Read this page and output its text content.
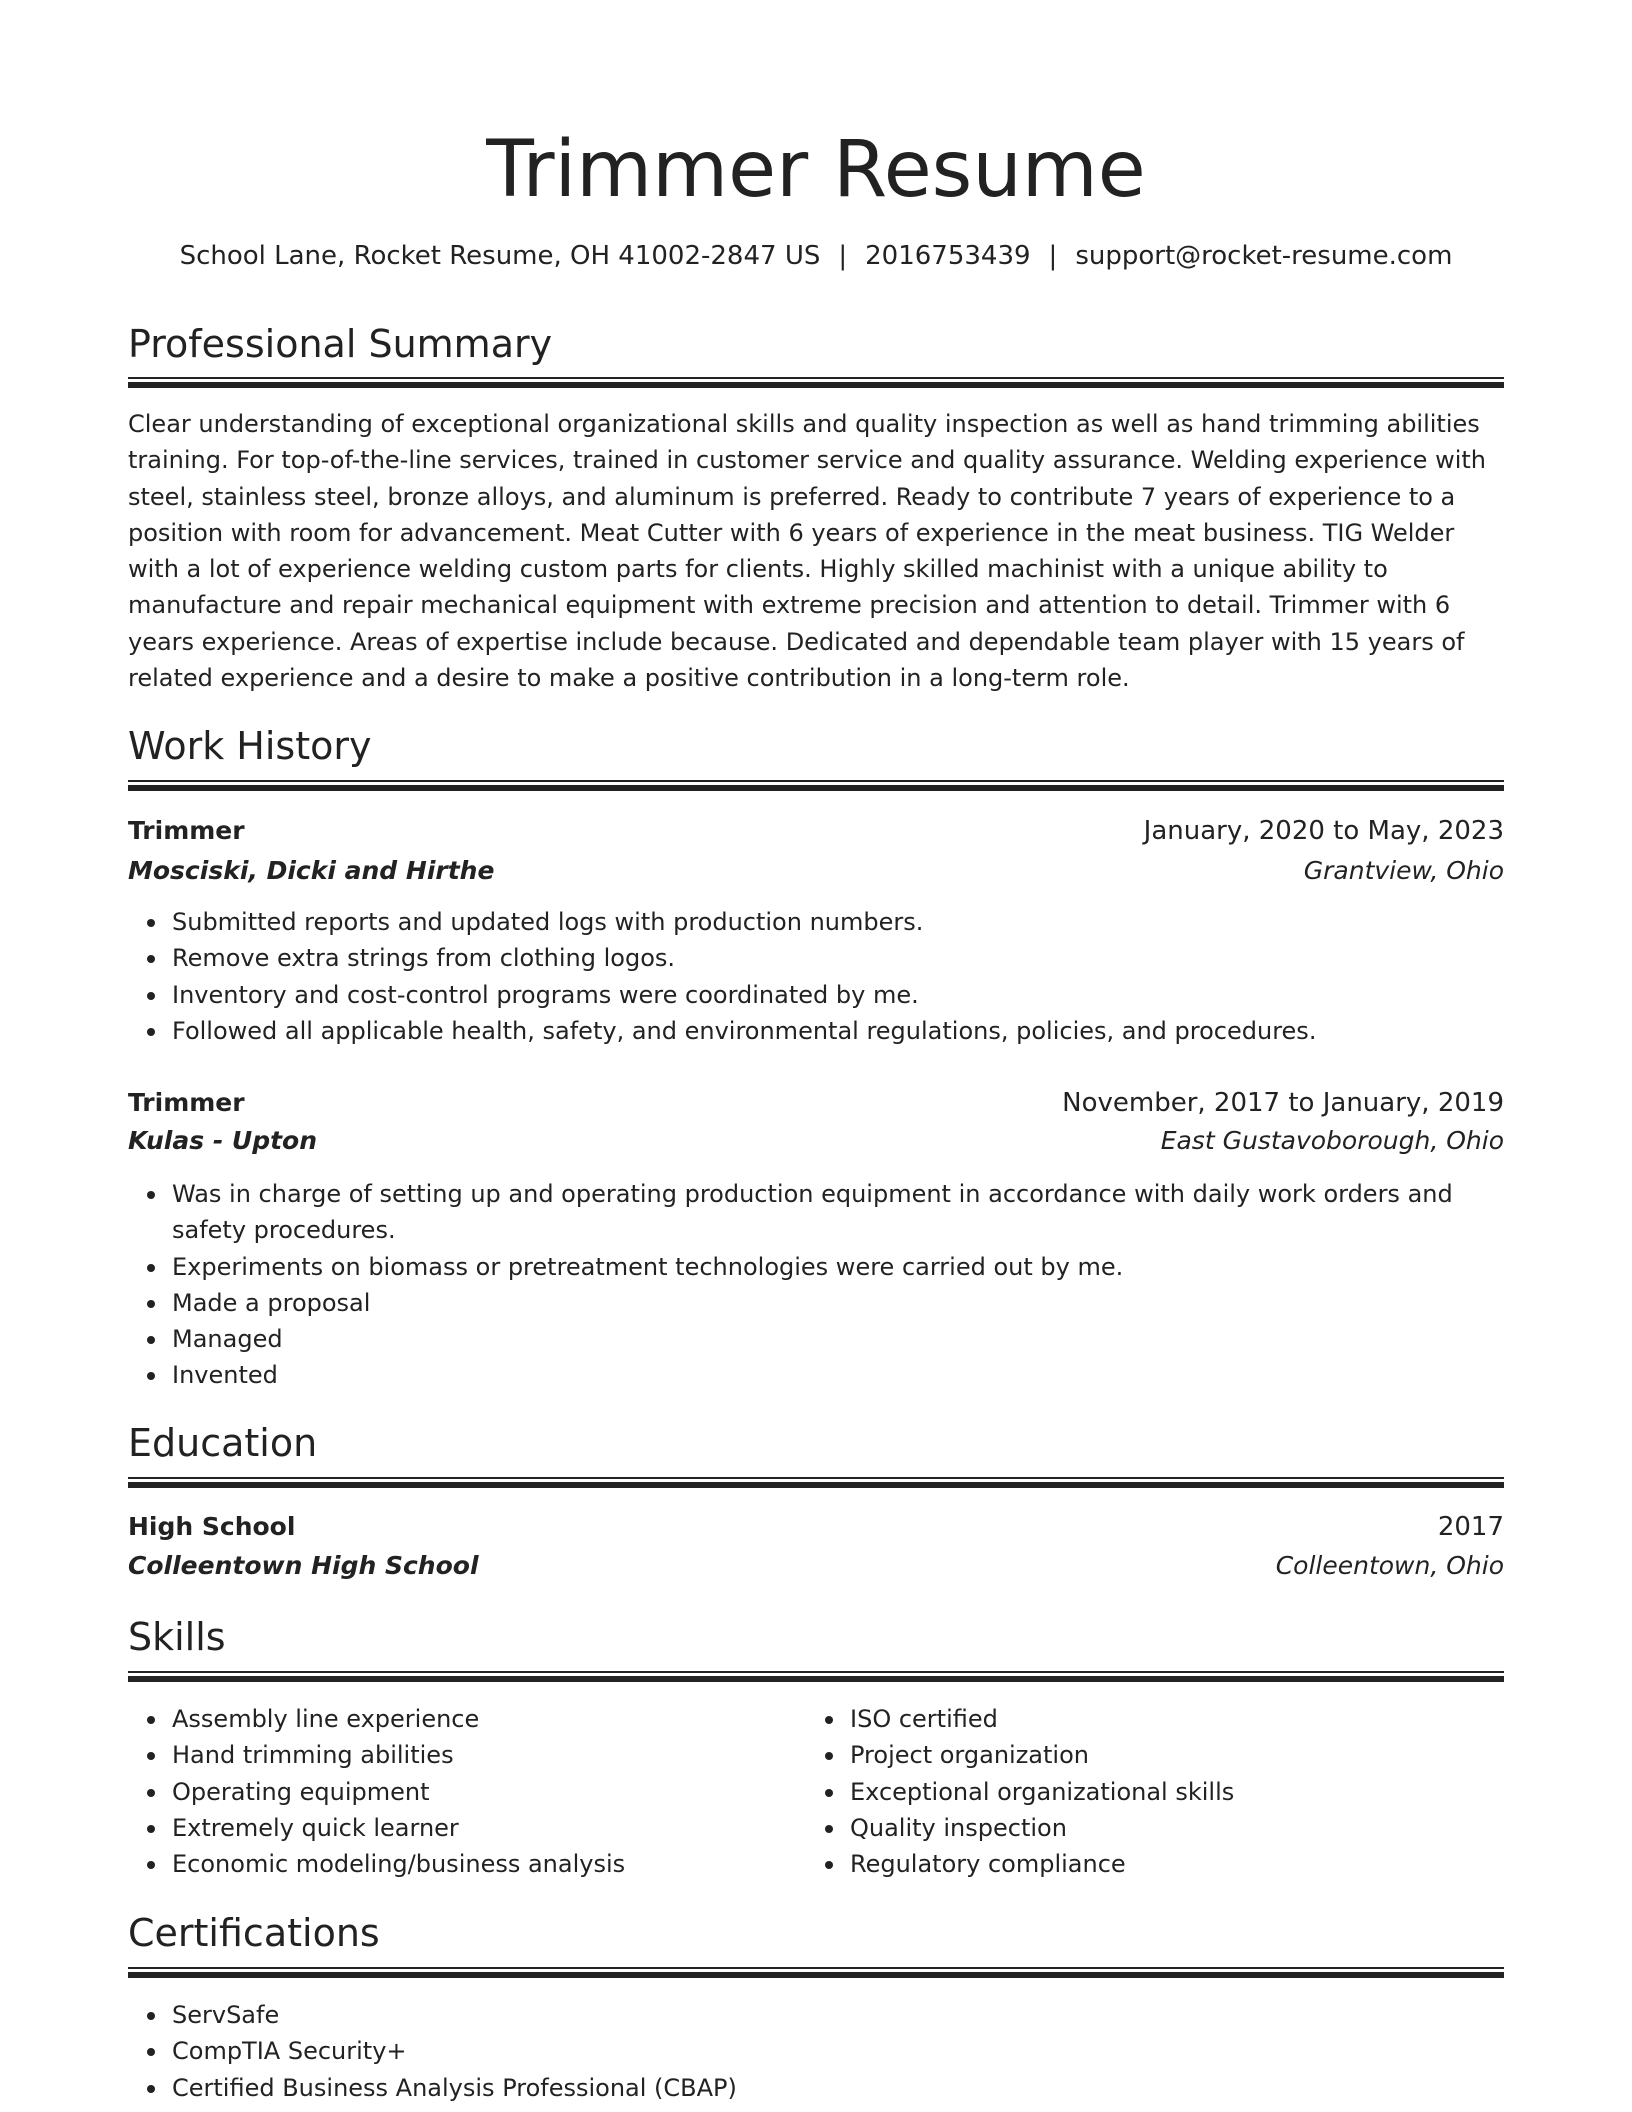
Trimmer Resume
School Lane, Rocket Resume, OH 41002-2847 US | 2016753439 | support@rocket-resume.com
Professional Summary

Clear understanding of exceptional organizational skills and quality inspection as well as hand trimming abilities training. For top-of-the-line services, trained in customer service and quality assurance. Welding experience with steel, stainless steel, bronze alloys, and aluminum is preferred. Ready to contribute 7 years of experience to a position with room for advancement. Meat Cutter with 6 years of experience in the meat business. TIG Welder with a lot of experience welding custom parts for clients. Highly skilled machinist with a unique ability to manufacture and repair mechanical equipment with extreme precision and attention to detail. Trimmer with 6 years experience. Areas of expertise include because. Dedicated and dependable team player with 15 years of related experience and a desire to make a positive contribution in a long-term role.

Work History
Trimmer	January, 2020 to May, 2023
Mosciski, Dicki and Hirthe	Grantview, Ohio
Submitted reports and updated logs with production numbers.
Remove extra strings from clothing logos.
Inventory and cost-control programs were coordinated by me.
Followed all applicable health, safety, and environmental regulations, policies, and procedures.
Trimmer	November, 2017 to January, 2019
Kulas - Upton	East Gustavoborough, Ohio
Was in charge of setting up and operating production equipment in accordance with daily work orders and safety procedures.
Experiments on biomass or pretreatment technologies were carried out by me.
Made a proposal
Managed
Invented
Education
High School	2017
Colleentown High School	Colleentown, Ohio
Skills
Assembly line experience
Hand trimming abilities
Operating equipment
Extremely quick learner
Economic modeling/business analysis
ISO certified
Project organization
Exceptional organizational skills
Quality inspection
Regulatory compliance
Certifications
ServSafe
CompTIA Security+
Certified Business Analysis Professional (CBAP)
